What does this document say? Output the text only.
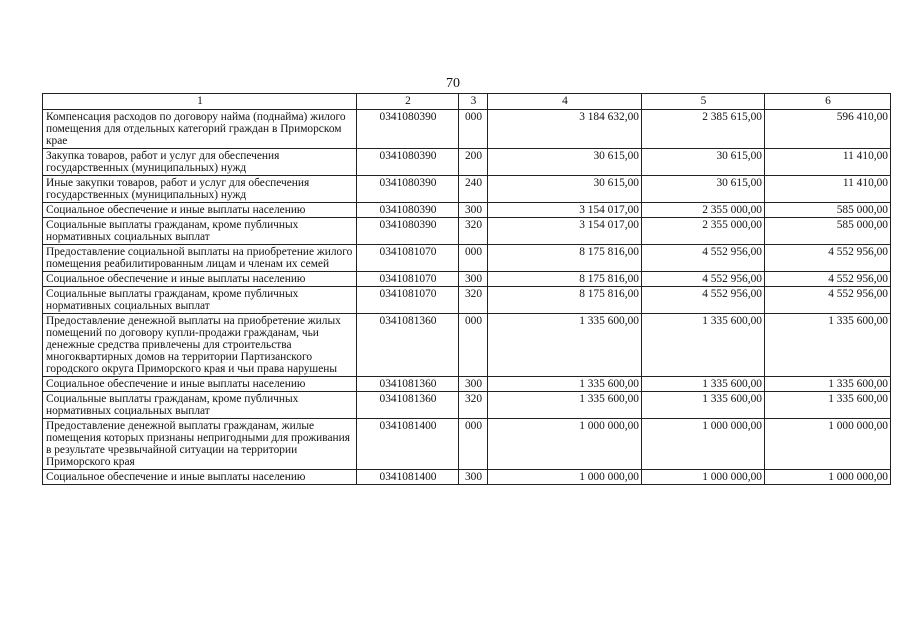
70
1	2	3	4	5	6
Компенсация расходов по договору найма (поднайма) жилого помещения для отдельных категорий граждан в Приморском крае	0341080390	000	3 184 632,00	2 385 615,00	596 410,00
Закупка товаров, работ и услуг для обеспечения государственных (муниципальных) нужд	0341080390	200	30 615,00	30 615,00	11 410,00
Иные закупки товаров, работ и услуг для обеспечения государственных (муниципальных) нужд	0341080390	240	30 615,00	30 615,00	11 410,00
Социальное обеспечение и иные выплаты населению	0341080390	300	3 154 017,00	2 355 000,00	585 000,00
Социальные выплаты гражданам, кроме публичных нормативных социальных выплат	0341080390	320	3 154 017,00	2 355 000,00	585 000,00
Предоставление социальной выплаты на приобретение жилого помещения реабилитированным лицам и членам их семей	0341081070	000	8 175 816,00	4 552 956,00	4 552 956,00
Социальное обеспечение и иные выплаты населению	0341081070	300	8 175 816,00	4 552 956,00	4 552 956,00
Социальные выплаты гражданам, кроме публичных нормативных социальных выплат	0341081070	320	8 175 816,00	4 552 956,00	4 552 956,00
Предоставление денежной выплаты на приобретение жилых помещений по договору купли-продажи гражданам, чьи денежные средства привлечены для строительства многоквартирных домов на территории Партизанского городского округа Приморского края и чьи права нарушены	0341081360	000	1 335 600,00	1 335 600,00	1 335 600,00
Социальное обеспечение и иные выплаты населению	0341081360	300	1 335 600,00	1 335 600,00	1 335 600,00
Социальные выплаты гражданам, кроме публичных нормативных социальных выплат	0341081360	320	1 335 600,00	1 335 600,00	1 335 600,00
Предоставление денежной выплаты гражданам, жилые помещения которых признаны непригодными для проживания в результате чрезвычайной ситуации на территории Приморского края	0341081400	000	1 000 000,00	1 000 000,00	1 000 000,00
Социальное обеспечение и иные выплаты населению	0341081400	300	1 000 000,00	1 000 000,00	1 000 000,00
